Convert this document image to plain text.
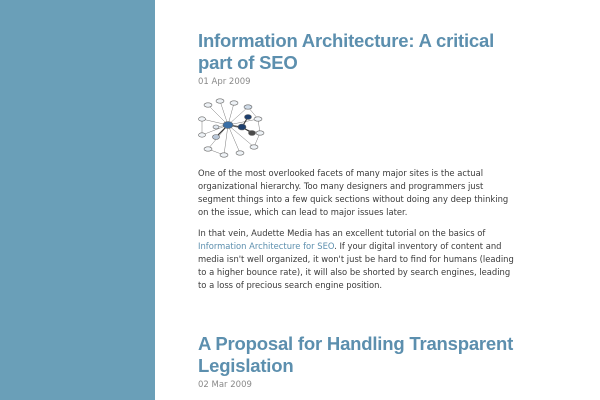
Information Architecture: A critical part of SEO
01 Apr 2009

One of the most overlooked facets of many major sites is the actual organizational hierarchy. Too many designers and programmers just segment things into a few quick sections without doing any deep thinking on the issue, which can lead to major issues later.

In that vein, Audette Media has an excellent tutorial on the basics of Information Architecture for SEO. If your digital inventory of content and media isn't well organized, it won't just be hard to find for humans (leading to a higher bounce rate), it will also be shorted by search engines, leading to a loss of precious search engine position.

A Proposal for Handling Transparent Legislation
02 Mar 2009
